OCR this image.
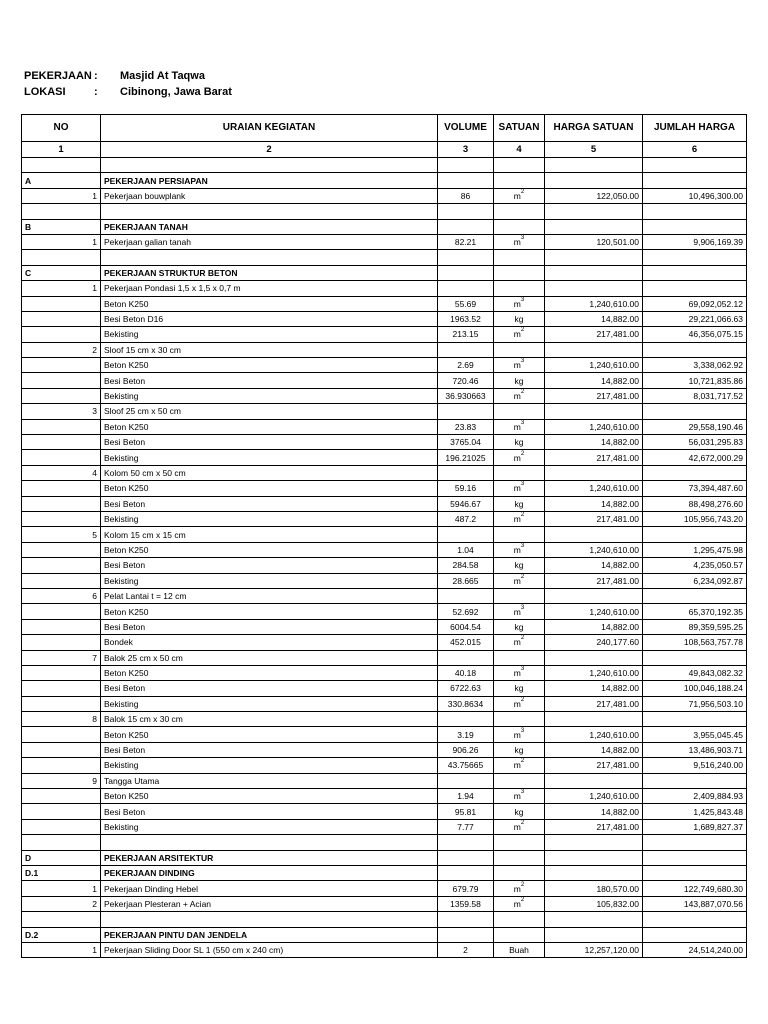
PEKERJAAN : Masjid At Taqwa
LOKASI	: Cibinong, Jawa Barat
NO	URAIAN KEGIATAN	VOLUME	SATUAN	HARGA SATUAN	JUMLAH HARGA
1	2	3	4	5	6

A	PEKERJAAN PERSIAPAN				
1	Pekerjaan bouwplank	86	$m^2$	122,050.00	10,496,300.00

B	PEKERJAAN TANAH				
1	Pekerjaan galian tanah	82.21	$m^3$	120,501.00	9,906,169.39

C	PEKERJAAN STRUKTUR BETON				
1	Pekerjaan Pondasi 1,5 x 1,5 x 0,7 m				
	Beton K250	55.69	$m^3$	1,240,610.00	69,092,052.12
	Besi Beton D16	1963.52	kg	14,882.00	29,221,066.63
	Bekisting	213.15	$m^2$	217,481.00	46,356,075.15
2	Sloof 15 cm x 30 cm				
	Beton K250	2.69	$m^3$	1,240,610.00	3,338,062.92
	Besi Beton	720.46	kg	14,882.00	10,721,835.86
	Bekisting	36.930663	$m^2$	217,481.00	8,031,717.52
3	Sloof 25 cm x 50 cm				
	Beton K250	23.83	$m^3$	1,240,610.00	29,558,190.46
	Besi Beton	3765.04	kg	14,882.00	56,031,295.83
	Bekisting	196.21025	$m^2$	217,481.00	42,672,000.29
4	Kolom 50 cm x 50 cm				
	Beton K250	59.16	$m^3$	1,240,610.00	73,394,487.60
	Besi Beton	5946.67	kg	14,882.00	88,498,276.60
	Bekisting	487.2	$m^2$	217,481.00	105,956,743.20
5	Kolom 15 cm x 15 cm				
	Beton K250	1.04	$m^3$	1,240,610.00	1,295,475.98
	Besi Beton	284.58	kg	14,882.00	4,235,050.57
	Bekisting	28.665	$m^2$	217,481.00	6,234,092.87
6	Pelat Lantai t = 12 cm				
	Beton K250	52.692	$m^3$	1,240,610.00	65,370,192.35
	Besi Beton	6004.54	kg	14,882.00	89,359,595.25
	Bondek	452.015	$m^2$	240,177.60	108,563,757.78
7	Balok 25 cm x 50 cm				
	Beton K250	40.18	$m^3$	1,240,610.00	49,843,082.32
	Besi Beton	6722.63	kg	14,882.00	100,046,188.24
	Bekisting	330.8634	$m^2$	217,481.00	71,956,503.10
8	Balok 15 cm x 30 cm				
	Beton K250	3.19	$m^3$	1,240,610.00	3,955,045.45
	Besi Beton	906.26	kg	14,882.00	13,486,903.71
	Bekisting	43.75665	$m^2$	217,481.00	9,516,240.00
9	Tangga Utama				
	Beton K250	1.94	$m^3$	1,240,610.00	2,409,884.93
	Besi Beton	95.81	kg	14,882.00	1,425,843.48
	Bekisting	7.77	$m^2$	217,481.00	1,689,827.37

D	PEKERJAAN ARSITEKTUR				
D.1	PEKERJAAN DINDING				
1	Pekerjaan Dinding Hebel	679.79	$m^2$	180,570.00	122,749,680.30
2	Pekerjaan Plesteran + Acian	1359.58	$m^2$	105,832.00	143,887,070.56

D.2	PEKERJAAN PINTU DAN JENDELA				
1	Pekerjaan Sliding Door SL 1 (550 cm x 240 cm)	2	Buah	12,257,120.00	24,514,240.00
